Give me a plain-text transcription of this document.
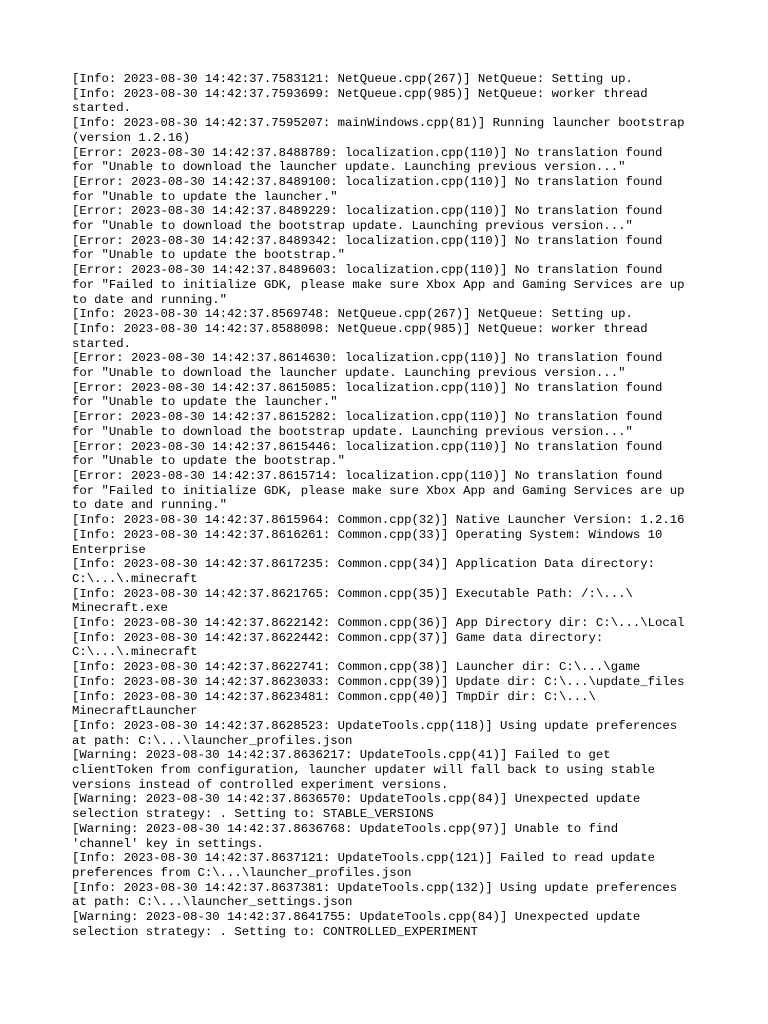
[Info: 2023-08-30 14:42:37.7583121: NetQueue.cpp(267)] NetQueue: Setting up.
[Info: 2023-08-30 14:42:37.7593699: NetQueue.cpp(985)] NetQueue: worker thread
started.
[Info: 2023-08-30 14:42:37.7595207: mainWindows.cpp(81)] Running launcher bootstrap
(version 1.2.16)
[Error: 2023-08-30 14:42:37.8488789: localization.cpp(110)] No translation found
for "Unable to download the launcher update. Launching previous version..."
[Error: 2023-08-30 14:42:37.8489100: localization.cpp(110)] No translation found
for "Unable to update the launcher."
[Error: 2023-08-30 14:42:37.8489229: localization.cpp(110)] No translation found
for "Unable to download the bootstrap update. Launching previous version..."
[Error: 2023-08-30 14:42:37.8489342: localization.cpp(110)] No translation found
for "Unable to update the bootstrap."
[Error: 2023-08-30 14:42:37.8489603: localization.cpp(110)] No translation found
for "Failed to initialize GDK, please make sure Xbox App and Gaming Services are up
to date and running."
[Info: 2023-08-30 14:42:37.8569748: NetQueue.cpp(267)] NetQueue: Setting up.
[Info: 2023-08-30 14:42:37.8588098: NetQueue.cpp(985)] NetQueue: worker thread
started.
[Error: 2023-08-30 14:42:37.8614630: localization.cpp(110)] No translation found
for "Unable to download the launcher update. Launching previous version..."
[Error: 2023-08-30 14:42:37.8615085: localization.cpp(110)] No translation found
for "Unable to update the launcher."
[Error: 2023-08-30 14:42:37.8615282: localization.cpp(110)] No translation found
for "Unable to download the bootstrap update. Launching previous version..."
[Error: 2023-08-30 14:42:37.8615446: localization.cpp(110)] No translation found
for "Unable to update the bootstrap."
[Error: 2023-08-30 14:42:37.8615714: localization.cpp(110)] No translation found
for "Failed to initialize GDK, please make sure Xbox App and Gaming Services are up
to date and running."
[Info: 2023-08-30 14:42:37.8615964: Common.cpp(32)] Native Launcher Version: 1.2.16
[Info: 2023-08-30 14:42:37.8616261: Common.cpp(33)] Operating System: Windows 10
Enterprise
[Info: 2023-08-30 14:42:37.8617235: Common.cpp(34)] Application Data directory:
C:\...\.minecraft
[Info: 2023-08-30 14:42:37.8621765: Common.cpp(35)] Executable Path: /:\...\
Minecraft.exe
[Info: 2023-08-30 14:42:37.8622142: Common.cpp(36)] App Directory dir: C:\...\Local
[Info: 2023-08-30 14:42:37.8622442: Common.cpp(37)] Game data directory:
C:\...\.minecraft
[Info: 2023-08-30 14:42:37.8622741: Common.cpp(38)] Launcher dir: C:\...\game
[Info: 2023-08-30 14:42:37.8623033: Common.cpp(39)] Update dir: C:\...\update_files
[Info: 2023-08-30 14:42:37.8623481: Common.cpp(40)] TmpDir dir: C:\...\
MinecraftLauncher
[Info: 2023-08-30 14:42:37.8628523: UpdateTools.cpp(118)] Using update preferences
at path: C:\...\launcher_profiles.json
[Warning: 2023-08-30 14:42:37.8636217: UpdateTools.cpp(41)] Failed to get
clientToken from configuration, launcher updater will fall back to using stable
versions instead of controlled experiment versions.
[Warning: 2023-08-30 14:42:37.8636570: UpdateTools.cpp(84)] Unexpected update
selection strategy: . Setting to: STABLE_VERSIONS
[Warning: 2023-08-30 14:42:37.8636768: UpdateTools.cpp(97)] Unable to find
'channel' key in settings.
[Info: 2023-08-30 14:42:37.8637121: UpdateTools.cpp(121)] Failed to read update
preferences from C:\...\launcher_profiles.json
[Info: 2023-08-30 14:42:37.8637381: UpdateTools.cpp(132)] Using update preferences
at path: C:\...\launcher_settings.json
[Warning: 2023-08-30 14:42:37.8641755: UpdateTools.cpp(84)] Unexpected update
selection strategy: . Setting to: CONTROLLED_EXPERIMENT
